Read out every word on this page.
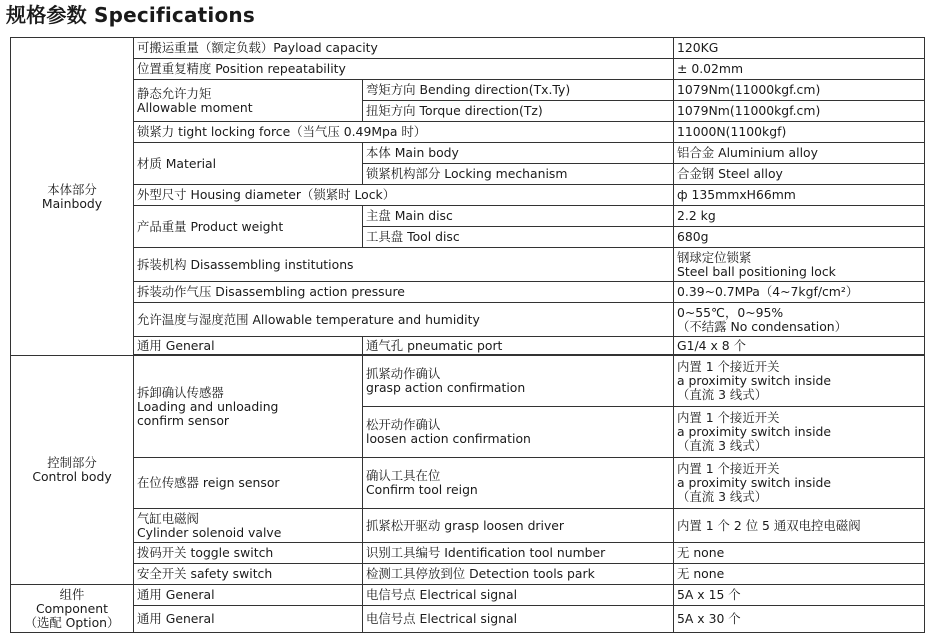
规格参数 Specifications
本体部分
Mainbody	可搬运重量（额定负载）Payload capacity		120KG
	位置重复精度 Position repeatability		± 0.02mm

	静态允许力矩
Allowable moment	弯矩方向 Bending direction(Tx.Ty)	1079Nm(11000kgf.cm)
		扭矩方向 Torque direction(Tz)	1079Nm(11000kgf.cm)
	锁紧力 tight locking force（当气压 0.49Mpa 时）		11000N(1100kgf)
	材质 Material	本体 Main body	铝合金 Aluminium alloy
		锁紧机构部分 Locking mechanism	合金钢 Steel alloy
	外型尺寸 Housing diameter（锁紧时 Lock）		ф 135mmxH66mm
	产品重量 Product weight	主盘 Main disc	2.2 kg
		工具盘 Tool disc	680g
	拆装机构 Disassembling institutions		钢球定位锁紧
Steel ball positioning lock

	拆装动作气压 Disassembling action pressure		0.39~0.7MPa（4~7kgf/cm²）
	允许温度与湿度范围 Allowable temperature and humidity		0~55℃，0~95%
（不结露 No condensation）

	通用 General	通气孔 pneumatic port	G1/4 x 8 个

控制部分
Control body	拆卸确认传感器
Loading and unloading
confirm sensor	抓紧动作确认
grasp action confirmation	内置 1 个接近开关
a proximity switch inside
（直流 3 线式）

		松开动作确认
loosen action confirmation	内置 1 个接近开关
a proximity switch inside
（直流 3 线式）

	在位传感器 reign sensor	确认工具在位
Confirm tool reign	内置 1 个接近开关
a proximity switch inside
（直流 3 线式）

	气缸电磁阀
Cylinder solenoid valve	抓紧松开驱动 grasp loosen driver	内置 1 个 2 位 5 通双电控电磁阀
	拨码开关 toggle switch	识别工具编号 Identification tool number	无 none
	安全开关 safety switch	检测工具停放到位 Detection tools park	无 none

组件
Component
（选配 Option）	通用 General	电信号点 Electrical signal	5A x 15 个
	通用 General	电信号点 Electrical signal	5A x 30 个
